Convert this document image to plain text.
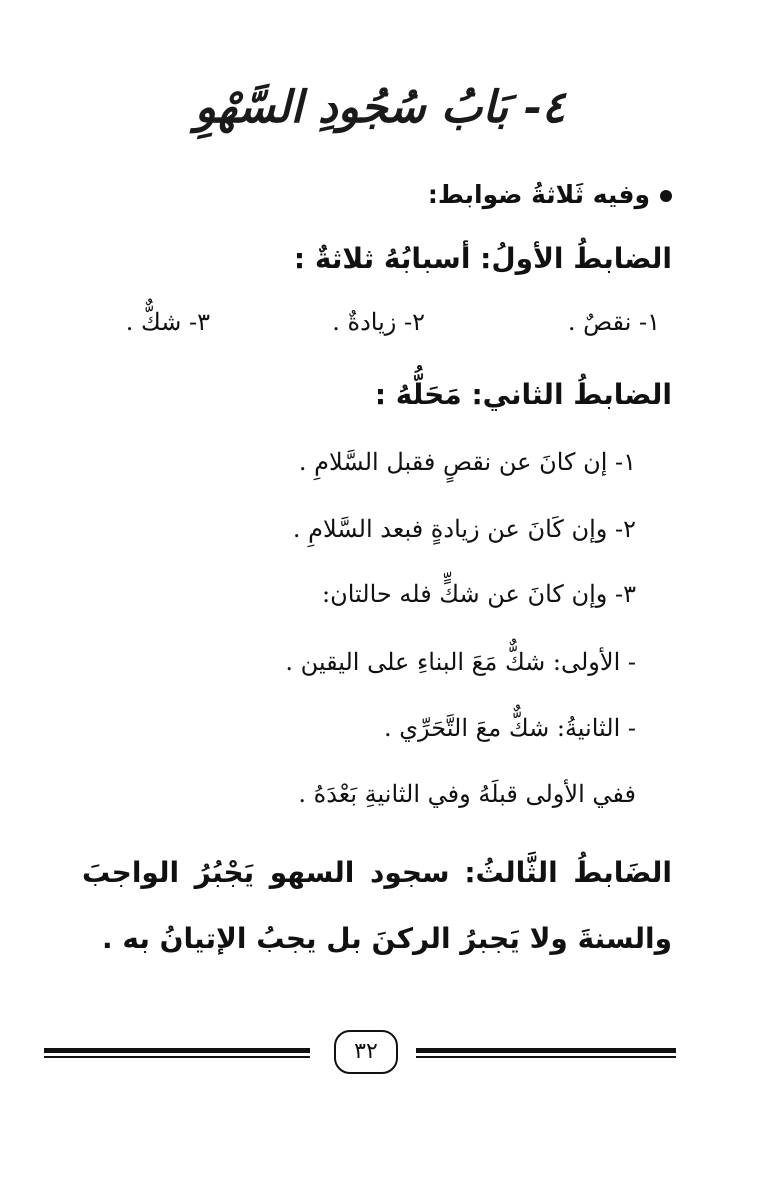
٤- بَابُ سُجُودِ السَّهْوِ
وفيه ثَلاثةُ ضوابط:
الضابطُ الأولُ: أسبابُهُ ثلاثةٌ :
١- نقصٌ .
٢- زيادةٌ .
٣- شكٌّ .
الضابطُ الثاني: مَحَلُّهُ :
١- إن كانَ عن نقصٍ فقبل السَّلامِ .
٢- وإن كَانَ عن زيادةٍ فبعد السَّلامِ .
٣- وإن كانَ عن شكٍّ فله حالتان:
- الأولى: شكٌّ مَعَ البناءِ على اليقين .
- الثانيةُ: شكٌّ معَ التَّحَرِّي .
ففي الأولى قبلَهُ وفي الثانيةِ بَعْدَهُ .
الضَابطُ الثَّالثُ: سجود السهو يَجْبُرُ الواجبَ والسنةَ ولا يَجبرُ الركنَ بل يجبُ الإتيانُ به .
٣٢
